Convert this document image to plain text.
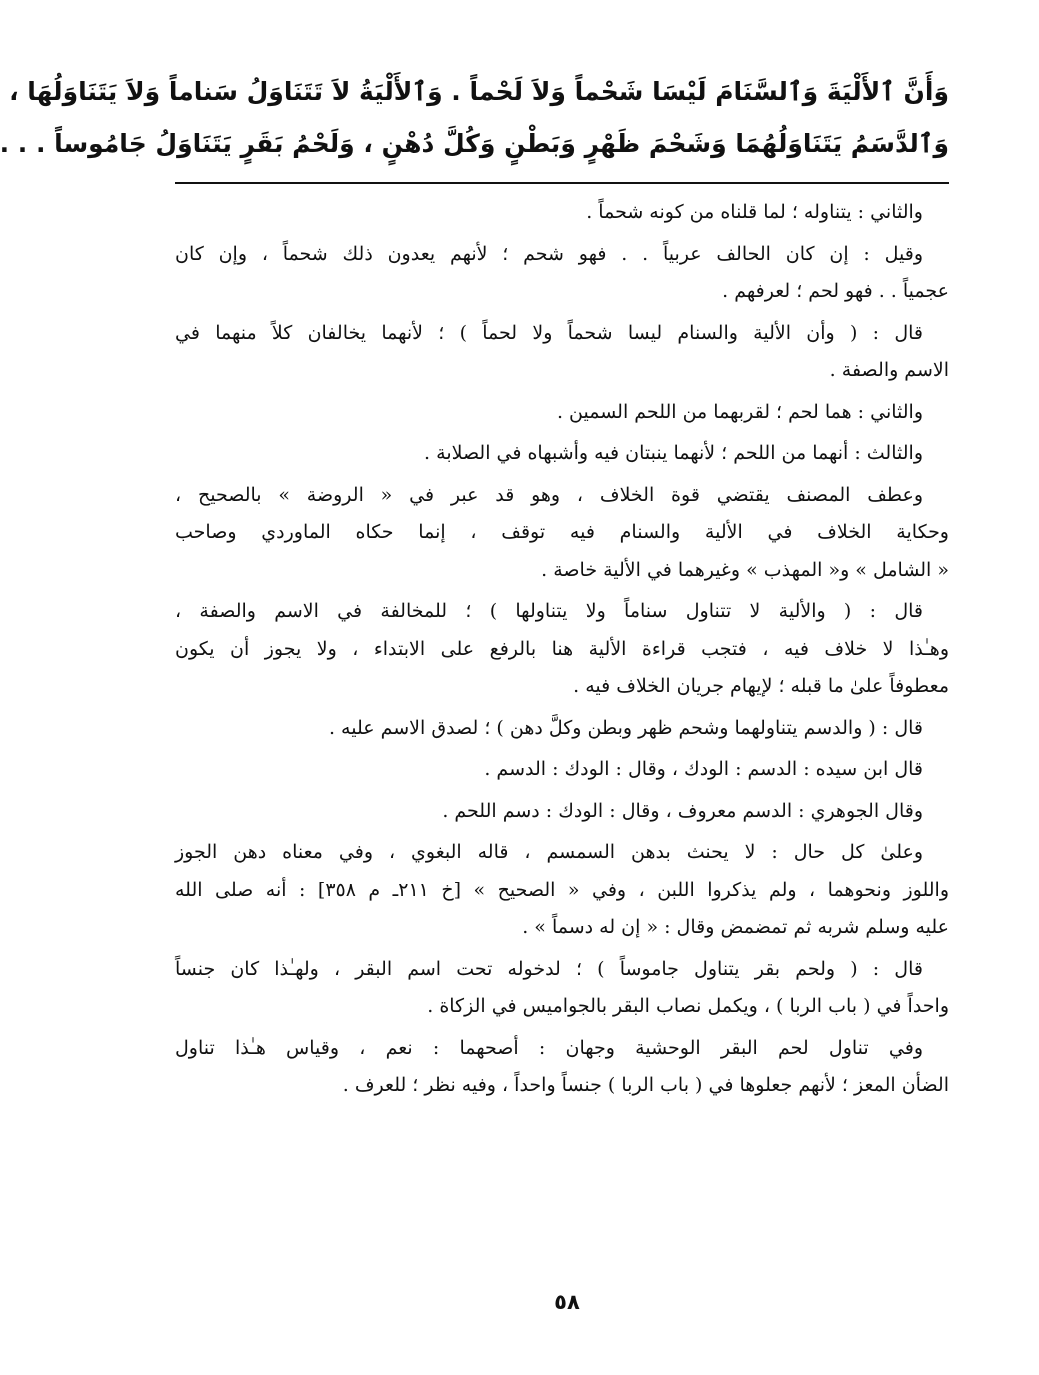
وَأَنَّ ٱلأَلْيَةَ وَٱلسَّنَامَ لَيْسَا شَحْماً وَلاَ لَحْماً . وَٱلأَلْيَةُ لاَ تَتَنَاوَلُ سَناماً وَلاَ يَتَنَاوَلُهَا ،
وَٱلدَّسَمُ يَتَنَاوَلُهُمَا وَشَحْمَ ظَهْرٍ وَبَطْنٍ وَكُلَّ دُهْنٍ ، وَلَحْمُ بَقَرٍ يَتَنَاوَلُ جَامُوساً . . .
والثاني : يتناوله ؛ لما قلناه من كونه شحماً .
وقيل : إن كان الحالف عربياً . . فهو شحم ؛ لأنهم يعدون ذلك شحماً ، وإن كان
عجمياً . . فهو لحم ؛ لعرفهم .
قال : ( وأن الألية والسنام ليسا شحماً ولا لحماً ) ؛ لأنهما يخالفان كلاً منهما في
الاسم والصفة .
والثاني : هما لحم ؛ لقربهما من اللحم السمين .
والثالث : أنهما من اللحم ؛ لأنهما ينبتان فيه وأشبهاه في الصلابة .
وعطف المصنف يقتضي قوة الخلاف ، وهو قد عبر في « الروضة » بالصحيح ،
وحكاية الخلاف في الألية والسنام فيه توقف ، إنما حكاه الماوردي وصاحب
« الشامل » و« المهذب » وغيرهما في الألية خاصة .
قال : ( والألية لا تتناول سناماً ولا يتناولها ) ؛ للمخالفة في الاسم والصفة ،
وهـٰذا لا خلاف فيه ، فتجب قراءة الألية هنا بالرفع على الابتداء ، ولا يجوز أن يكون
معطوفاً علىٰ ما قبله ؛ لإيهام جريان الخلاف فيه .
قال : ( والدسم يتناولهما وشحم ظهر وبطن وكلَّ دهن ) ؛ لصدق الاسم عليه .
قال ابن سيده : الدسم : الودك ، وقال : الودك : الدسم .
وقال الجوهري : الدسم معروف ، وقال : الودك : دسم اللحم .
وعلىٰ كل حال : لا يحنث بدهن السمسم ، قاله البغوي ، وفي معناه دهن الجوز
واللوز ونحوهما ، ولم يذكروا اللبن ، وفي « الصحيح » [خ ٢١١ـ م ٣٥٨] : أنه صلى الله
عليه وسلم شربه ثم تمضمض وقال : « إن له دسماً » .
قال : ( ولحم بقر يتناول جاموساً ) ؛ لدخوله تحت اسم البقر ، ولهـٰذا كان جنساً
واحداً في ( باب الربا ) ، ويكمل نصاب البقر بالجواميس في الزكاة .
وفي تناول لحم البقر الوحشية وجهان : أصحهما : نعم ، وقياس هـٰذا تناول
الضأن المعز ؛ لأنهم جعلوها في ( باب الربا ) جنساً واحداً ، وفيه نظر ؛ للعرف .
٥٨
